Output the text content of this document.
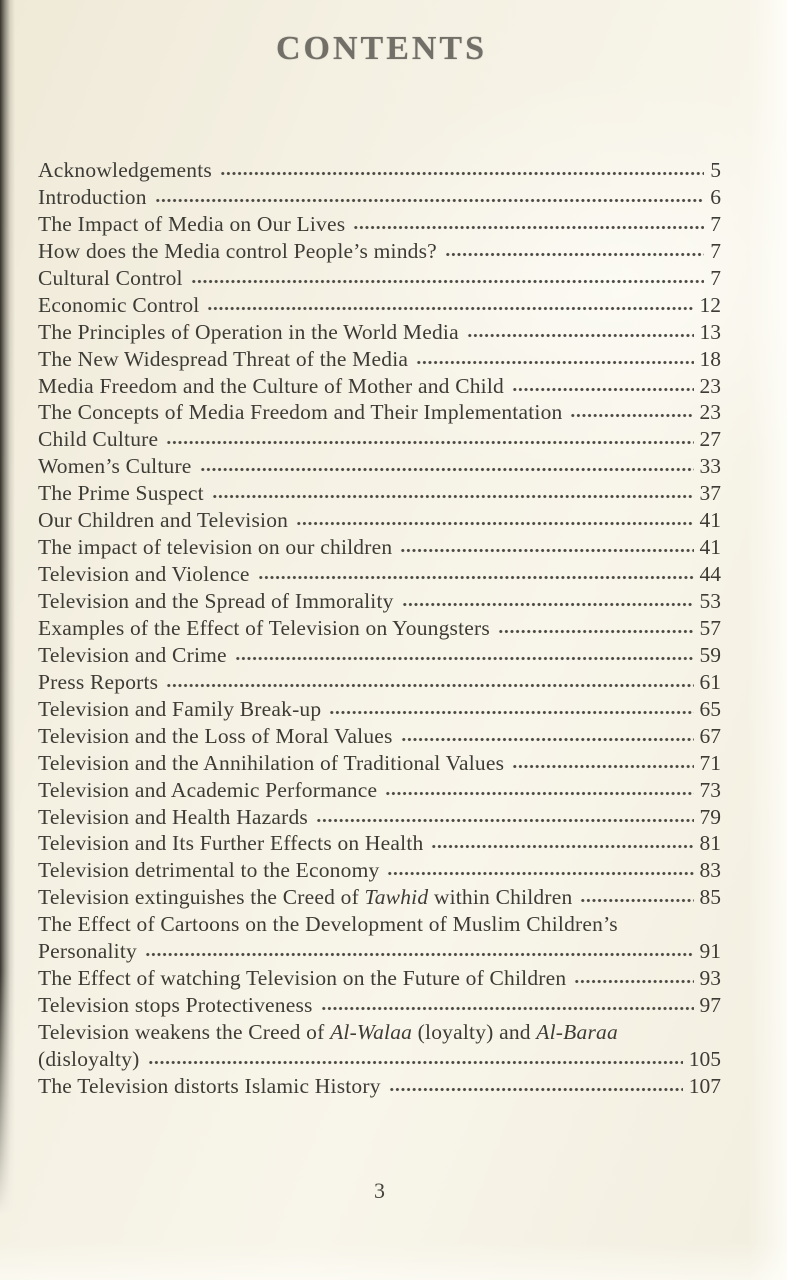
CONTENTS
Acknowledgements	5
Introduction	6
The Impact of Media on Our Lives	7
How does the Media control People’s minds?	7
Cultural Control	7
Economic Control	12
The Principles of Operation in the World Media	13
The New Widespread Threat of the Media	18
Media Freedom and the Culture of Mother and Child	23
The Concepts of Media Freedom and Their Implementation	23
Child Culture	27
Women’s Culture	33
The Prime Suspect	37
Our Children and Television	41
The impact of television on our children	41
Television and Violence	44
Television and the Spread of Immorality	53
Examples of the Effect of Television on Youngsters	57
Television and Crime	59
Press Reports	61
Television and Family Break-up	65
Television and the Loss of Moral Values	67
Television and the Annihilation of Traditional Values	71
Television and Academic Performance	73
Television and Health Hazards	79
Television and Its Further Effects on Health	81
Television detrimental to the Economy	83
Television extinguishes the Creed of Tawhid within Children	85
The Effect of Cartoons on the Development of Muslim Children’s
Personality	91
The Effect of watching Television on the Future of Children	93
Television stops Protectiveness	97
Television weakens the Creed of Al-Walaa (loyalty) and Al-Baraa
(disloyalty)	105
The Television distorts Islamic History	107
3
